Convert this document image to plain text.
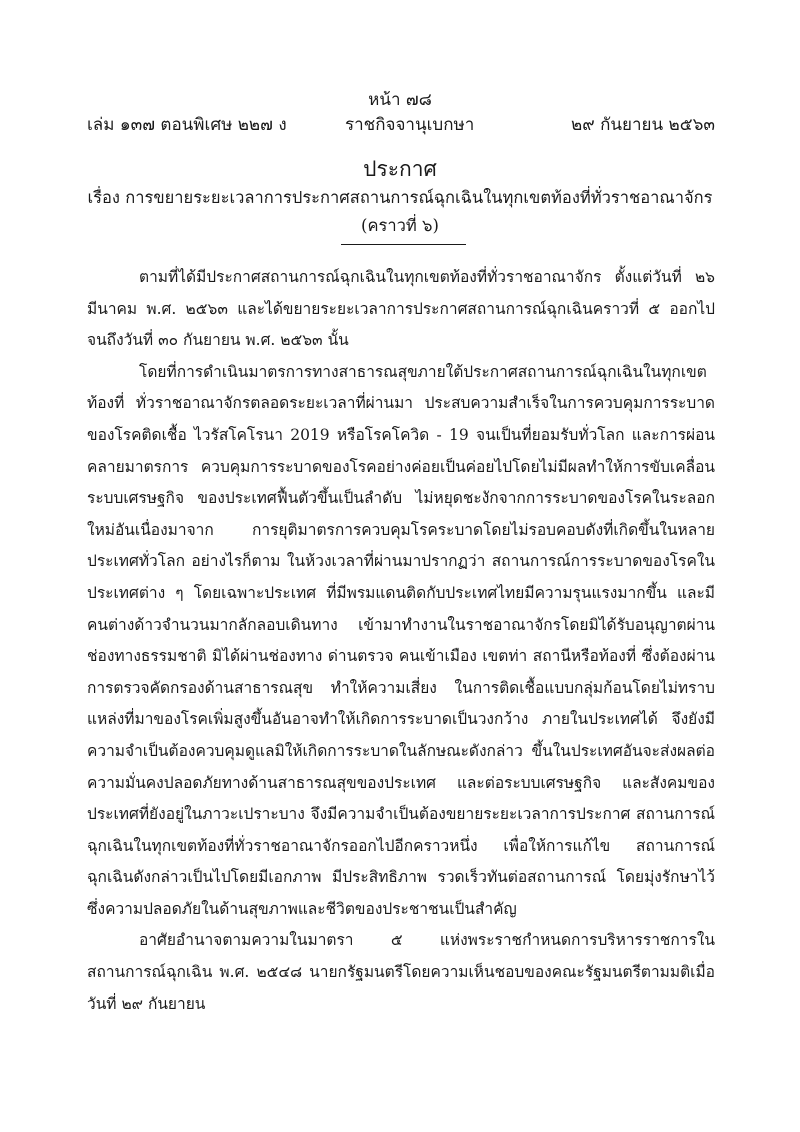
หน้า ๗๘
เล่ม ๑๓๗ ตอนพิเศษ ๒๒๗ ง	ราชกิจจานุเบกษา	๒๙ กันยายน ๒๕๖๓
ประกาศ
เรื่อง การขยายระยะเวลาการประกาศสถานการณ์ฉุกเฉินในทุกเขตท้องที่ทั่วราชอาณาจักร
(คราวที่ ๖)

ตามที่ได้มีประกาศสถานการณ์ฉุกเฉินในทุกเขตท้องที่ทั่วราชอาณาจักร ตั้งแต่วันที่ ๒๖ มีนาคม พ.ศ. ๒๕๖๓ และได้ขยายระยะเวลาการประกาศสถานการณ์ฉุกเฉินคราวที่ ๕ ออกไปจนถึงวันที่ ๓๐ กันยายน พ.ศ. ๒๕๖๓ นั้น

โดยที่การดำเนินมาตรการทางสาธารณสุขภายใต้ประกาศสถานการณ์ฉุกเฉินในทุกเขตท้องที่ ทั่วราชอาณาจักรตลอดระยะเวลาที่ผ่านมา ประสบความสำเร็จในการควบคุมการระบาดของโรคติดเชื้อ ไวรัสโคโรนา 2019 หรือโรคโควิด - 19 จนเป็นที่ยอมรับทั่วโลก และการผ่อนคลายมาตรการ ควบคุมการระบาดของโรคอย่างค่อยเป็นค่อยไปโดยไม่มีผลทำให้การขับเคลื่อนระบบเศรษฐกิจ ของประเทศฟื้นตัวขึ้นเป็นลำดับ ไม่หยุดชะงักจากการระบาดของโรคในระลอกใหม่อันเนื่องมาจาก การยุติมาตรการควบคุมโรคระบาดโดยไม่รอบคอบดังที่เกิดขึ้นในหลายประเทศทั่วโลก อย่างไรก็ตาม ในห้วงเวลาที่ผ่านมาปรากฏว่า สถานการณ์การระบาดของโรคในประเทศต่าง ๆ โดยเฉพาะประเทศ ที่มีพรมแดนติดกับประเทศไทยมีความรุนแรงมากขึ้น และมีคนต่างด้าวจำนวนมากลักลอบเดินทาง เข้ามาทำงานในราชอาณาจักรโดยมิได้รับอนุญาตผ่านช่องทางธรรมชาติ มิได้ผ่านช่องทาง ด่านตรวจ คนเข้าเมือง เขตท่า สถานีหรือท้องที่ ซึ่งต้องผ่านการตรวจคัดกรองด้านสาธารณสุข ทำให้ความเสี่ยง ในการติดเชื้อแบบกลุ่มก้อนโดยไม่ทราบแหล่งที่มาของโรคเพิ่มสูงขึ้นอันอาจทำให้เกิดการระบาดเป็นวงกว้าง ภายในประเทศได้ จึงยังมีความจำเป็นต้องควบคุมดูแลมิให้เกิดการระบาดในลักษณะดังกล่าว ขึ้นในประเทศอันจะส่งผลต่อความมั่นคงปลอดภัยทางด้านสาธารณสุขของประเทศ และต่อระบบเศรษฐกิจ และสังคมของประเทศที่ยังอยู่ในภาวะเปราะบาง จึงมีความจำเป็นต้องขยายระยะเวลาการประกาศ สถานการณ์ฉุกเฉินในทุกเขตท้องที่ทั่วราชอาณาจักรออกไปอีกคราวหนึ่ง เพื่อให้การแก้ไข สถานการณ์ฉุกเฉินดังกล่าวเป็นไปโดยมีเอกภาพ มีประสิทธิภาพ รวดเร็วทันต่อสถานการณ์ โดยมุ่งรักษาไว้ซึ่งความปลอดภัยในด้านสุขภาพและชีวิตของประชาชนเป็นสำคัญ

อาศัยอำนาจตามความในมาตรา ๕ แห่งพระราชกำหนดการบริหารราชการในสถานการณ์ฉุกเฉิน พ.ศ. ๒๕๔๘ นายกรัฐมนตรีโดยความเห็นชอบของคณะรัฐมนตรีตามมติเมื่อวันที่ ๒๙ กันยายน
